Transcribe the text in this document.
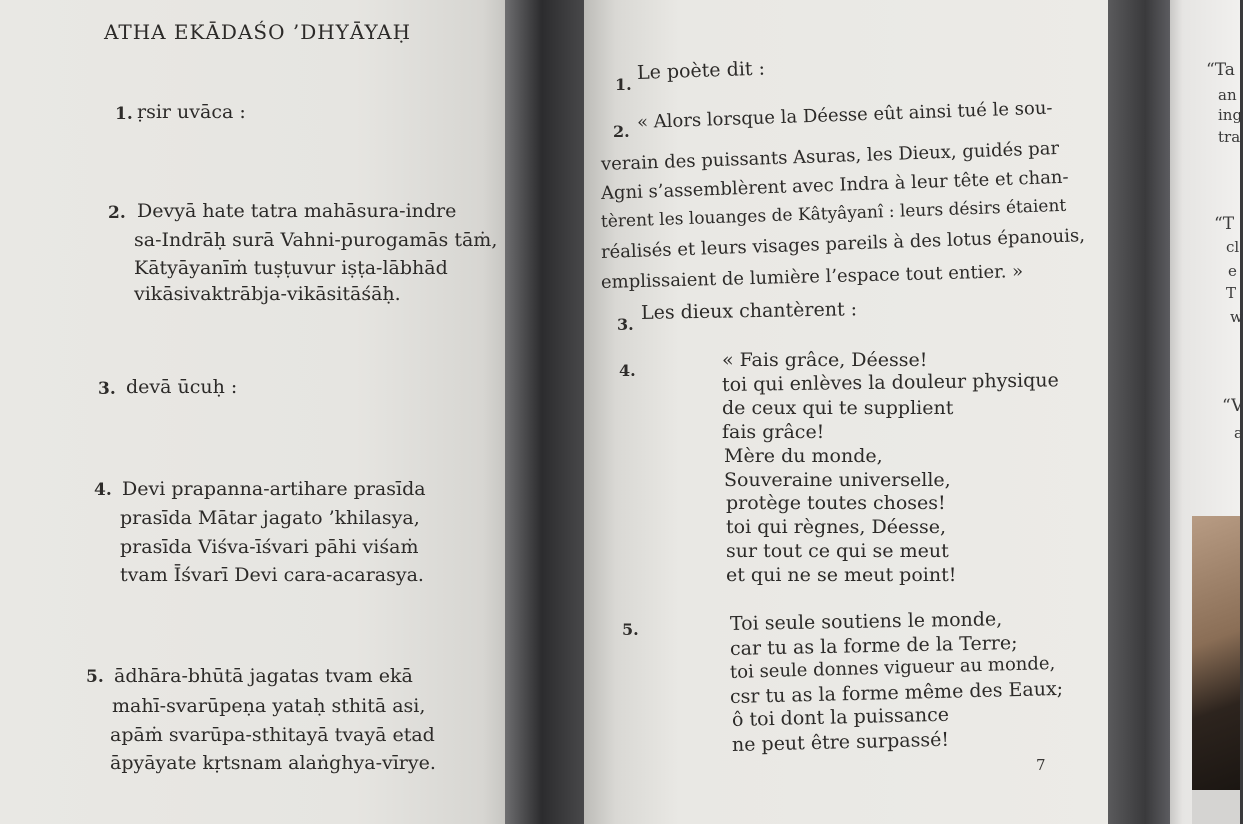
ATHA EKĀDAŚO ’DHYĀYAḤ
1. ṛsir uvāca :
2. Devyā hate tatra mahāsura-indre
sa-Indrāḥ surā Vahni-purogamās tāṁ,
Kātyāyanīṁ tuṣṭuvur iṣṭa-lābhād
vikāsivaktrābja-vikāsitāśāḥ.
3. devā ūcuḥ :
4. Devi prapanna-artihare prasīda
prasīda Mātar jagato ’khilasya,
prasīda Viśva-īśvari pāhi viśaṁ
tvam Īśvarī Devi cara-acarasya.
5. ādhāra-bhūtā jagatas tvam ekā
mahī-svarūpeṇa yataḥ sthitā asi,
apāṁ svarūpa-sthitayā tvayā etad
āpyāyate kṛtsnam alaṅghya-vīrye.
1.
Le poète dit :
2. « Alors lorsque la Déesse eût ainsi tué le sou-
verain des puissants Asuras, les Dieux, guidés par
Agni s’assemblèrent avec Indra à leur tête et chan-
tèrent les louanges de Kâtyâyanî : leurs désirs étaient
réalisés et leurs visages pareils à des lotus épanouis,
emplissaient de lumière l’espace tout entier. »
3.
Les dieux chantèrent :
4.	« Fais grâce, Déesse!
toi qui enlèves la douleur physique
de ceux qui te supplient
fais grâce!
Mère du monde,
Souveraine universelle,
protège toutes choses!
toi qui règnes, Déesse,
sur tout ce qui se meut
et qui ne se meut point!
5.	Toi seule soutiens le monde,
car tu as la forme de la Terre;
toi seule donnes vigueur au monde,
csr tu as la forme même des Eaux;
ô toi dont la puissance
ne peut être surpassé!
7
“Ta
an
ing
tra
“T
cl
e
T
w
“V
a
